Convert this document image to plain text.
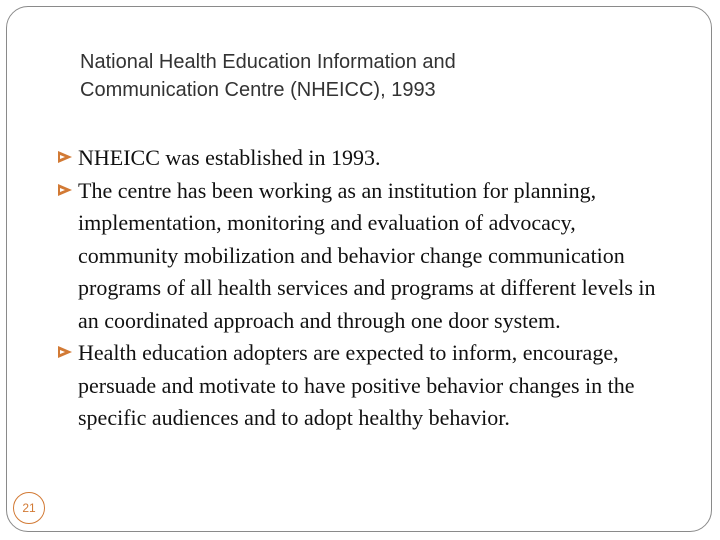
National Health Education Information and
Communication Centre (NHEICC), 1993
NHEICC was established in 1993.
The centre has been working as an institution for planning, implementation, monitoring and evaluation of advocacy, community mobilization and behavior change communication programs of all health services and programs at different levels in an coordinated approach and through one door system.
Health education adopters are expected to inform, encourage, persuade and motivate to have positive behavior changes in the specific audiences and to adopt healthy behavior.
21
